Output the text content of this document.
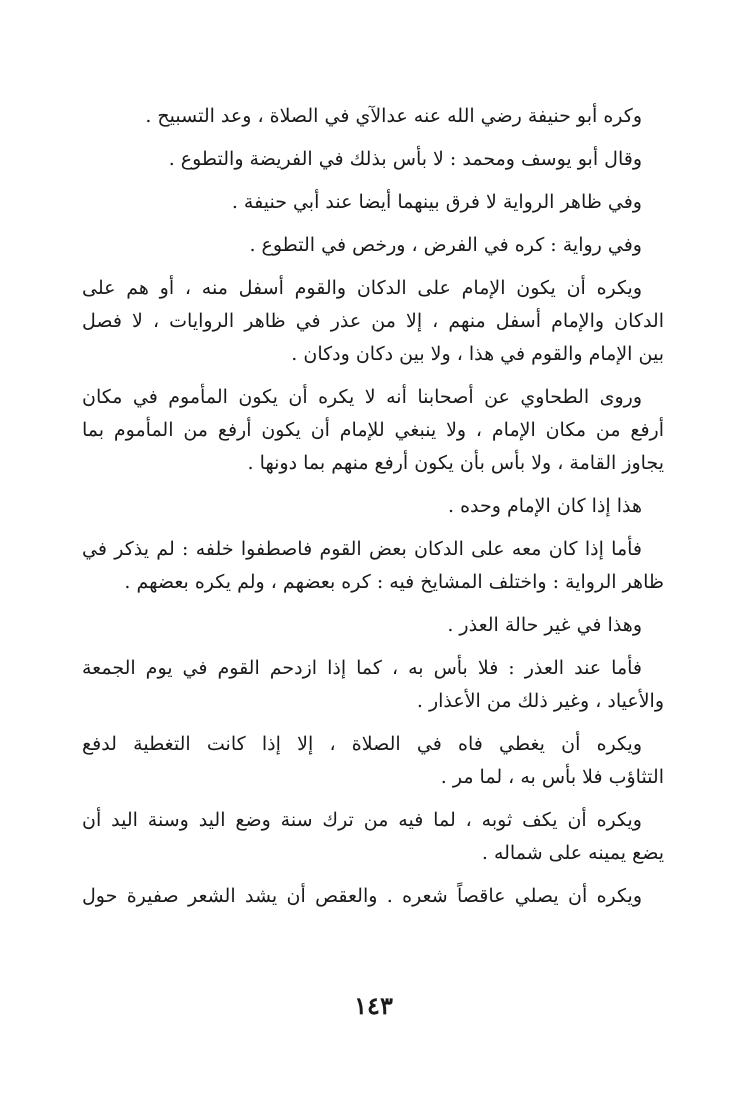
وكره أبو حنيفة رضي الله عنه عدالآي في الصلاة ، وعد التسبيح .

وقال أبو يوسف ومحمد : لا بأس بذلك في الفريضة والتطوع .

وفي ظاهر الرواية لا فرق بينهما أيضا عند أبي حنيفة .

وفي رواية : كره في الفرض ، ورخص في التطوع .

ويكره أن يكون الإمام على الدكان والقوم أسفل منه ، أو هم على
الدكان والإمام أسفل منهم ، إلا من عذر في ظاهر الروايات ، لا فصل
بين الإمام والقوم في هذا ، ولا بين دكان ودكان .

وروى الطحاوي عن أصحابنا أنه لا يكره أن يكون المأموم في مكان
أرفع من مكان الإمام ، ولا ينبغي للإمام أن يكون أرفع من المأموم بما
يجاوز القامة ، ولا بأس بأن يكون أرفع منهم بما دونها .

هذا إذا كان الإمام وحده .

فأما إذا كان معه على الدكان بعض القوم فاصطفوا خلفه : لم يذكر في
ظاهر الرواية : واختلف المشايخ فيه : كره بعضهم ، ولم يكره بعضهم .

وهذا في غير حالة العذر .

فأما عند العذر : فلا بأس به ، كما إذا ازدحم القوم في يوم الجمعة
والأعياد ، وغير ذلك من الأعذار .

ويكره أن يغطي فاه في الصلاة ، إلا إذا كانت التغطية لدفع
التثاؤب فلا بأس به ، لما مر .

ويكره أن يكف ثوبه ، لما فيه من ترك سنة وضع اليد وسنة اليد أن
يضع يمينه على شماله .

ويكره أن يصلي عاقصاً شعره . والعقص أن يشد الشعر صفيرة حول

١٤٣
